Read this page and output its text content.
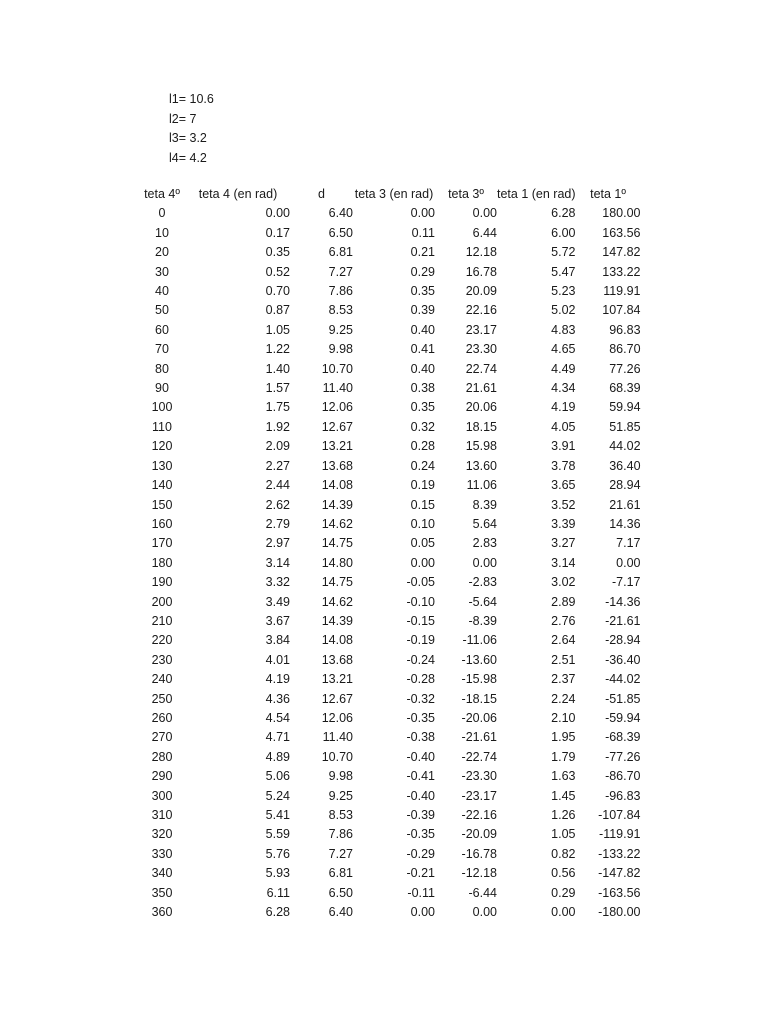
l1= 10.6
l2= 7
l3= 3.2
l4= 4.2
teta 4º	teta 4 (en rad)	d	teta 3 (en rad)	teta 3º	teta 1 (en rad)	teta 1º
0	0.00	6.40	0.00	0.00	6.28	180.00
10	0.17	6.50	0.11	6.44	6.00	163.56
20	0.35	6.81	0.21	12.18	5.72	147.82
30	0.52	7.27	0.29	16.78	5.47	133.22
40	0.70	7.86	0.35	20.09	5.23	119.91
50	0.87	8.53	0.39	22.16	5.02	107.84
60	1.05	9.25	0.40	23.17	4.83	96.83
70	1.22	9.98	0.41	23.30	4.65	86.70
80	1.40	10.70	0.40	22.74	4.49	77.26
90	1.57	11.40	0.38	21.61	4.34	68.39
100	1.75	12.06	0.35	20.06	4.19	59.94
110	1.92	12.67	0.32	18.15	4.05	51.85
120	2.09	13.21	0.28	15.98	3.91	44.02
130	2.27	13.68	0.24	13.60	3.78	36.40
140	2.44	14.08	0.19	11.06	3.65	28.94
150	2.62	14.39	0.15	8.39	3.52	21.61
160	2.79	14.62	0.10	5.64	3.39	14.36
170	2.97	14.75	0.05	2.83	3.27	7.17
180	3.14	14.80	0.00	0.00	3.14	0.00
190	3.32	14.75	-0.05	-2.83	3.02	-7.17
200	3.49	14.62	-0.10	-5.64	2.89	-14.36
210	3.67	14.39	-0.15	-8.39	2.76	-21.61
220	3.84	14.08	-0.19	-11.06	2.64	-28.94
230	4.01	13.68	-0.24	-13.60	2.51	-36.40
240	4.19	13.21	-0.28	-15.98	2.37	-44.02
250	4.36	12.67	-0.32	-18.15	2.24	-51.85
260	4.54	12.06	-0.35	-20.06	2.10	-59.94
270	4.71	11.40	-0.38	-21.61	1.95	-68.39
280	4.89	10.70	-0.40	-22.74	1.79	-77.26
290	5.06	9.98	-0.41	-23.30	1.63	-86.70
300	5.24	9.25	-0.40	-23.17	1.45	-96.83
310	5.41	8.53	-0.39	-22.16	1.26	-107.84
320	5.59	7.86	-0.35	-20.09	1.05	-119.91
330	5.76	7.27	-0.29	-16.78	0.82	-133.22
340	5.93	6.81	-0.21	-12.18	0.56	-147.82
350	6.11	6.50	-0.11	-6.44	0.29	-163.56
360	6.28	6.40	0.00	0.00	0.00	-180.00
